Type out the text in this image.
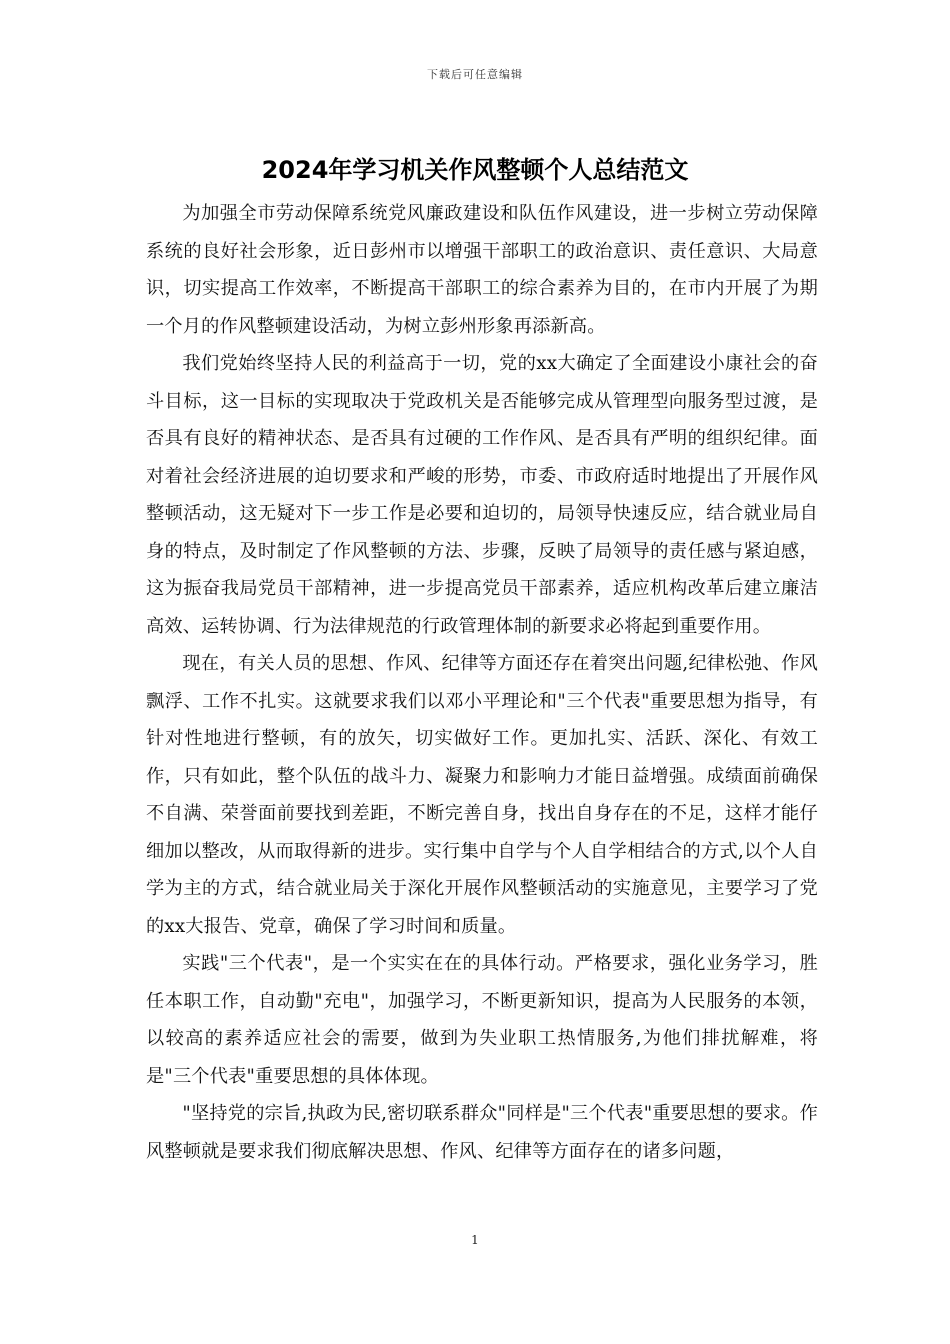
下载后可任意编辑
2024年学习机关作风整顿个人总结范文

为加强全市劳动保障系统党风廉政建设和队伍作风建设，进一步树立劳动保障系统的良好社会形象，近日彭州市以增强干部职工的政治意识、责任意识、大局意识，切实提高工作效率，不断提高干部职工的综合素养为目的，在市内开展了为期一个月的作风整顿建设活动，为树立彭州形象再添新高。

我们党始终坚持人民的利益高于一切，党的xx大确定了全面建设小康社会的奋斗目标，这一目标的实现取决于党政机关是否能够完成从管理型向服务型过渡，是否具有良好的精神状态、是否具有过硬的工作作风、是否具有严明的组织纪律。面对着社会经济进展的迫切要求和严峻的形势，市委、市政府适时地提出了开展作风整顿活动，这无疑对下一步工作是必要和迫切的，局领导快速反应，结合就业局自身的特点，及时制定了作风整顿的方法、步骤，反映了局领导的责任感与紧迫感，这为振奋我局党员干部精神，进一步提高党员干部素养，适应机构改革后建立廉洁高效、运转协调、行为法律规范的行政管理体制的新要求必将起到重要作用。

现在，有关人员的思想、作风、纪律等方面还存在着突出问题,纪律松弛、作风飘浮、工作不扎实。这就要求我们以邓小平理论和"三个代表"重要思想为指导，有针对性地进行整顿，有的放矢，切实做好工作。更加扎实、活跃、深化、有效工作，只有如此，整个队伍的战斗力、凝聚力和影响力才能日益增强。成绩面前确保不自满、荣誉面前要找到差距，不断完善自身，找出自身存在的不足，这样才能仔细加以整改，从而取得新的进步。实行集中自学与个人自学相结合的方式,以个人自学为主的方式，结合就业局关于深化开展作风整顿活动的实施意见，主要学习了党的xx大报告、党章，确保了学习时间和质量。

实践"三个代表"，是一个实实在在的具体行动。严格要求，强化业务学习，胜任本职工作，自动勤"充电"，加强学习，不断更新知识，提高为人民服务的本领，以较高的素养适应社会的需要，做到为失业职工热情服务,为他们排扰解难，将是"三个代表"重要思想的具体体现。

"坚持党的宗旨,执政为民,密切联系群众"同样是"三个代表"重要思想的要求。作风整顿就是要求我们彻底解决思想、作风、纪律等方面存在的诸多问题，

1
